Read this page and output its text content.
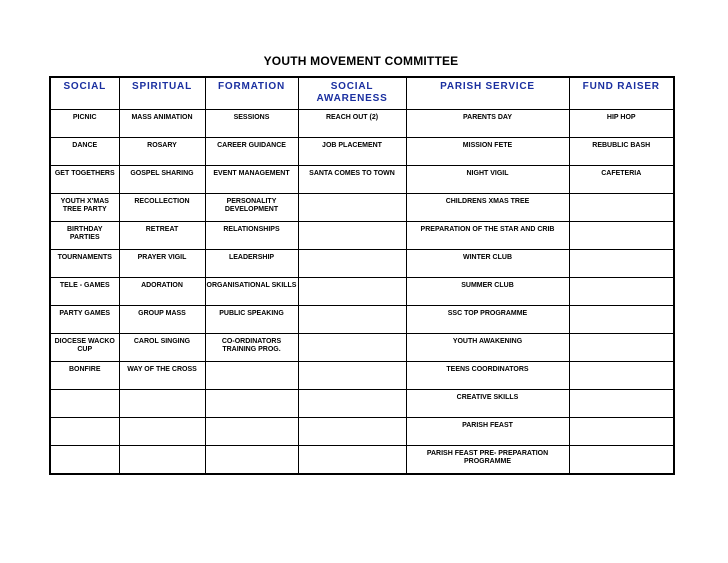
YOUTH MOVEMENT COMMITTEE
SOCIAL	SPIRITUAL	FORMATION	SOCIAL AWARENESS	PARISH SERVICE	FUND RAISER
PICNIC	MASS ANIMATION	SESSIONS	REACH OUT (2)	PARENTS DAY	HIP HOP
DANCE	ROSARY	CAREER GUIDANCE	JOB PLACEMENT	MISSION FETE	REBUBLIC BASH
GET TOGETHERS	GOSPEL SHARING	EVENT MANAGEMENT	SANTA COMES TO TOWN	NIGHT VIGIL	CAFETERIA
YOUTH X'MAS TREE PARTY	RECOLLECTION	PERSONALITY DEVELOPMENT		CHILDRENS XMAS TREE	
BIRTHDAY PARTIES	RETREAT	RELATIONSHIPS		PREPARATION OF THE STAR AND CRIB	
TOURNAMENTS	PRAYER VIGIL	LEADERSHIP		WINTER CLUB	
TELE - GAMES	ADORATION	ORGANISATIONAL SKILLS		SUMMER CLUB	
PARTY GAMES	GROUP MASS	PUBLIC SPEAKING		SSC TOP PROGRAMME	
DIOCESE WACKO CUP	CAROL SINGING	CO-ORDINATORS TRAINING PROG.		YOUTH AWAKENING	
BONFIRE	WAY OF THE CROSS			TEENS COORDINATORS	
				CREATIVE SKILLS	
				PARISH FEAST	
				PARISH FEAST PRE- PREPARATION PROGRAMME	
